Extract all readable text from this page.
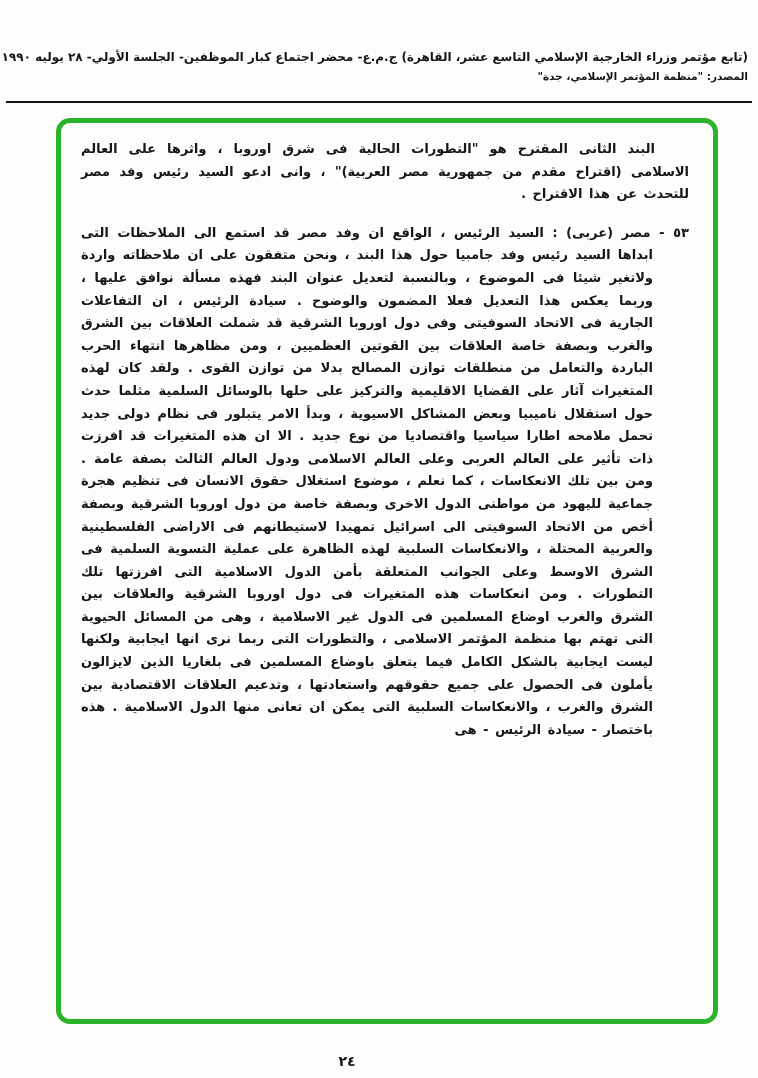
(تابع مؤتمر وزراء الخارجية الإسلامي التاسع عشر، القاهرة) ج.م.ع- محضر اجتماع كبار الموظفين- الجلسة الأولي- ٢٨ يوليه ١٩٩٠
المصدر: "منظمة المؤتمر الإسلامي، جدة"

البند الثانى المقترح هو "التطورات الحالية فى شرق اوروبا ، واثرها على العالم الاسلامى (اقتراح مقدم من جمهورية مصر العربية)" ، وانى ادعو السيد رئيس وفد مصر للتحدث عن هذا الاقتراح .

٥٣ - مصر (عربى) : السيد الرئيس ، الواقع ان وفد مصر قد استمع الى الملاحظات التى ابداها السيد رئيس وفد جامبيا حول هذا البند ، ونحن متفقون على ان ملاحظاته واردة ولاتغير شيئا فى الموضوع ، وبالنسبة لتعديل عنوان البند فهذه مسألة نوافق عليها ، وربما يعكس هذا التعديل فعلا المضمون والوضوح . سيادة الرئيس ، ان التفاعلات الجارية فى الاتحاد السوفيتى وفى دول اوروبا الشرقية قد شملت العلاقات بين الشرق والغرب وبصفة خاصة العلاقات بين القوتين العظميين ، ومن مظاهرها انتهاء الحرب الباردة والتعامل من منطلقات توازن المصالح بدلا من توازن القوى . ولقد كان لهذه المتغيرات آثار على القضايا الاقليمية والتركيز على حلها بالوسائل السلمية مثلما حدث حول استقلال ناميبيا وبعض المشاكل الاسيوية ، وبدأ الامر يتبلور فى نظام دولى جديد تحمل ملامحه اطارا سياسيا واقتصاديا من نوع جديد . الا ان هذه المتغيرات قد افرزت ذات تأثير على العالم العربى وعلى العالم الاسلامى ودول العالم الثالث بصفة عامة . ومن بين تلك الانعكاسات ، كما نعلم ، موضوع استغلال حقوق الانسان فى تنظيم هجرة جماعية لليهود من مواطنى الدول الاخرى وبصفة خاصة من دول اوروبا الشرقية وبصفة أخص من الاتحاد السوفيتى الى اسرائيل تمهيدا لاستيطانهم فى الاراضى الفلسطينية والعربية المحتلة ، والانعكاسات السلبية لهذه الظاهرة على عملية التسوية السلمية فى الشرق الاوسط وعلى الجوانب المتعلقة بأمن الدول الاسلامية التى افرزتها تلك التطورات . ومن انعكاسات هذه المتغيرات فى دول اوروبا الشرقية والعلاقات بين الشرق والغرب اوضاع المسلمين فى الدول غير الاسلامية ، وهى من المسائل الحيوية التى تهتم بها منظمة المؤتمر الاسلامى ، والتطورات التى ربما نرى انها ايجابية ولكنها ليست ايجابية بالشكل الكامل فيما يتعلق باوضاع المسلمين فى بلغاريا الذين لايزالون يأملون فى الحصول على جميع حقوقهم واستعادتها ، وتدعيم العلاقات الاقتصادية بين الشرق والغرب ، والانعكاسات السلبية التى يمكن ان تعانى منها الدول الاسلامية . هذه باختصار - سيادة الرئيس - هى

٢٤
